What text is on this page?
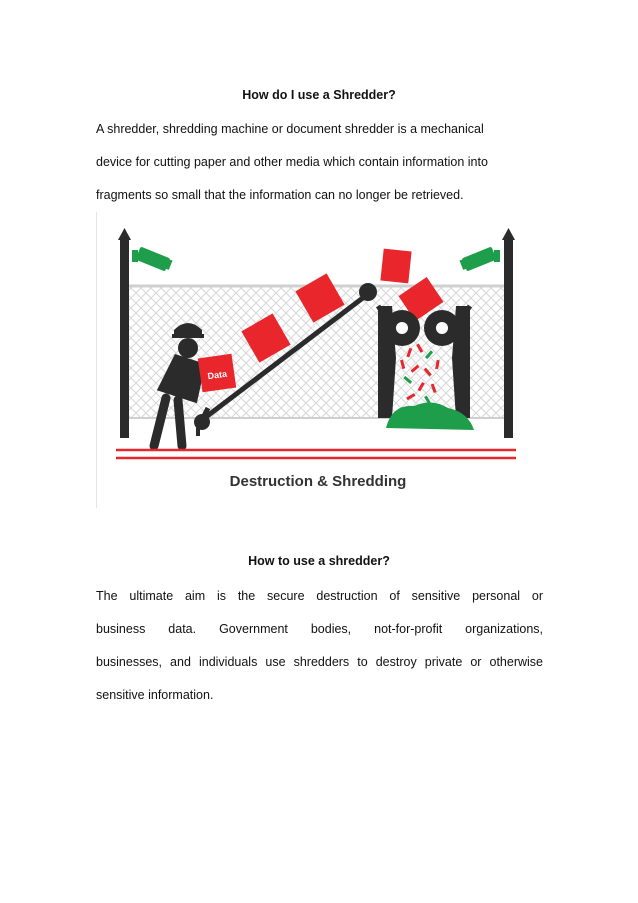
How do I use a Shredder?
A shredder, shredding machine or document shredder is a mechanical
device for cutting paper and other media which contain information into
fragments so small that the information can no longer be retrieved.
Data
Destruction & Shredding
How to use a shredder?
The ultimate aim is the secure destruction of sensitive personal or
business data. Government bodies, not-for-profit organizations,
businesses, and individuals use shredders to destroy private or otherwise
sensitive information.
